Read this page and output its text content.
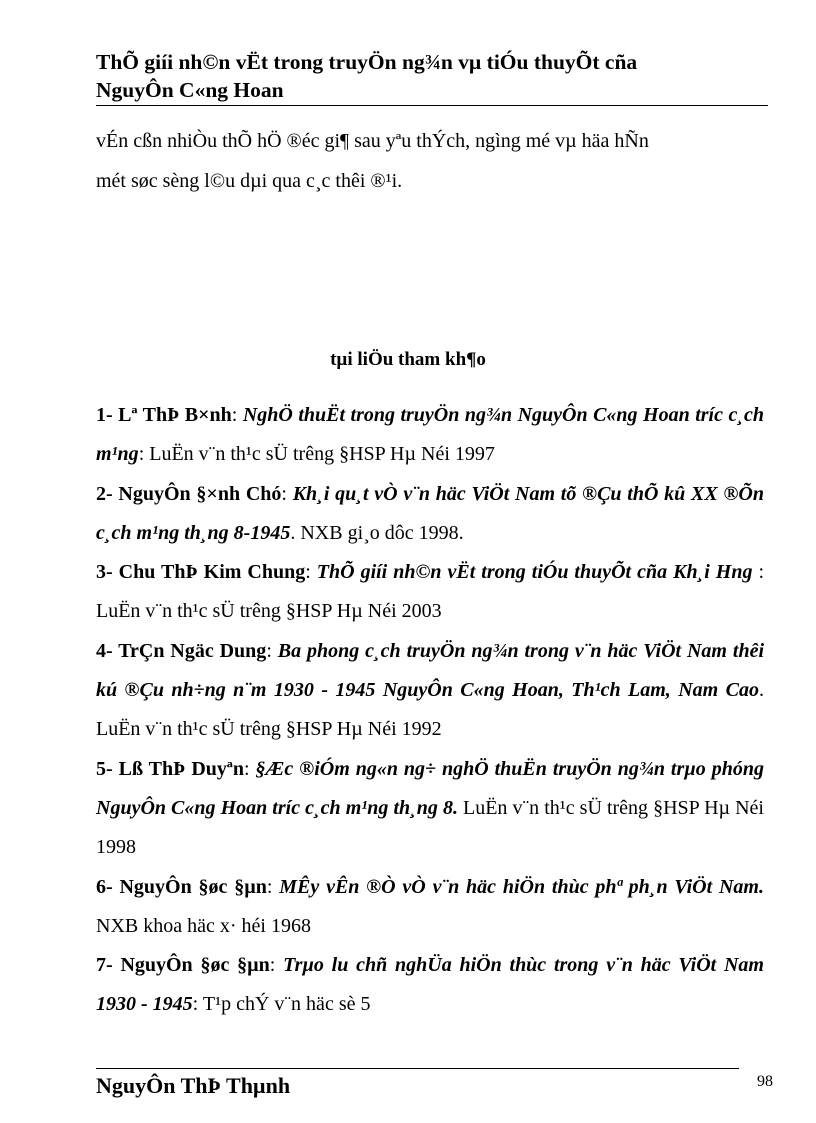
ThÕ giíi nh©n vËt trong truyÖn ng¾n vµ tiÓu thuyÕt cña
NguyÔn C«ng Hoan
vÉn cßn nhiÒu thÕ hÖ ®éc gi¶ sau yªu thÝch, ngìng mé vµ häa hÑn
mét søc sèng l©u dµi qua c¸c thêi ®¹i.
tµi liÖu tham kh¶o

1- Lª ThÞ B×nh: NghÖ thuËt trong truyÖn ng¾n NguyÔn C«ng Hoan tríc c¸ch m¹ng: LuËn v¨n th¹c sÜ trêng §HSP Hµ Néi 1997

2- NguyÔn §×nh Chó: Kh¸i qu¸t vÒ v¨n häc ViÖt Nam tõ ®Çu thÕ kû XX ®Õn c¸ch m¹ng th¸ng 8-1945. NXB gi¸o dôc 1998.

3- Chu ThÞ Kim Chung: ThÕ giíi nh©n vËt trong tiÓu thuyÕt cña Kh¸i Hng : LuËn v¨n th¹c sÜ trêng §HSP Hµ Néi 2003

4- TrÇn Ngäc Dung: Ba phong c¸ch truyÖn ng¾n trong v¨n häc ViÖt Nam thêi kú ®Çu nh÷ng n¨m 1930 - 1945 NguyÔn C«ng Hoan, Th¹ch Lam, Nam Cao. LuËn v¨n th¹c sÜ trêng §HSP Hµ Néi 1992

5- Lß ThÞ Duyªn: §Æc ®iÓm ng«n ng÷ nghÖ thuËn truyÖn ng¾n trµo phóng NguyÔn C«ng Hoan tríc c¸ch m¹ng th¸ng 8. LuËn v¨n th¹c sÜ trêng §HSP Hµ Néi 1998

6- NguyÔn §øc §µn: MÊy vÊn ®Ò vÒ v¨n häc hiÖn thùc phª ph¸n ViÖt Nam. NXB khoa häc x· héi 1968

7- NguyÔn §øc §µn: Trµo lu chñ nghÜa hiÖn thùc trong v¨n häc ViÖt Nam 1930 - 1945: T¹p chÝ v¨n häc sè 5

NguyÔn ThÞ Thµnh	98
